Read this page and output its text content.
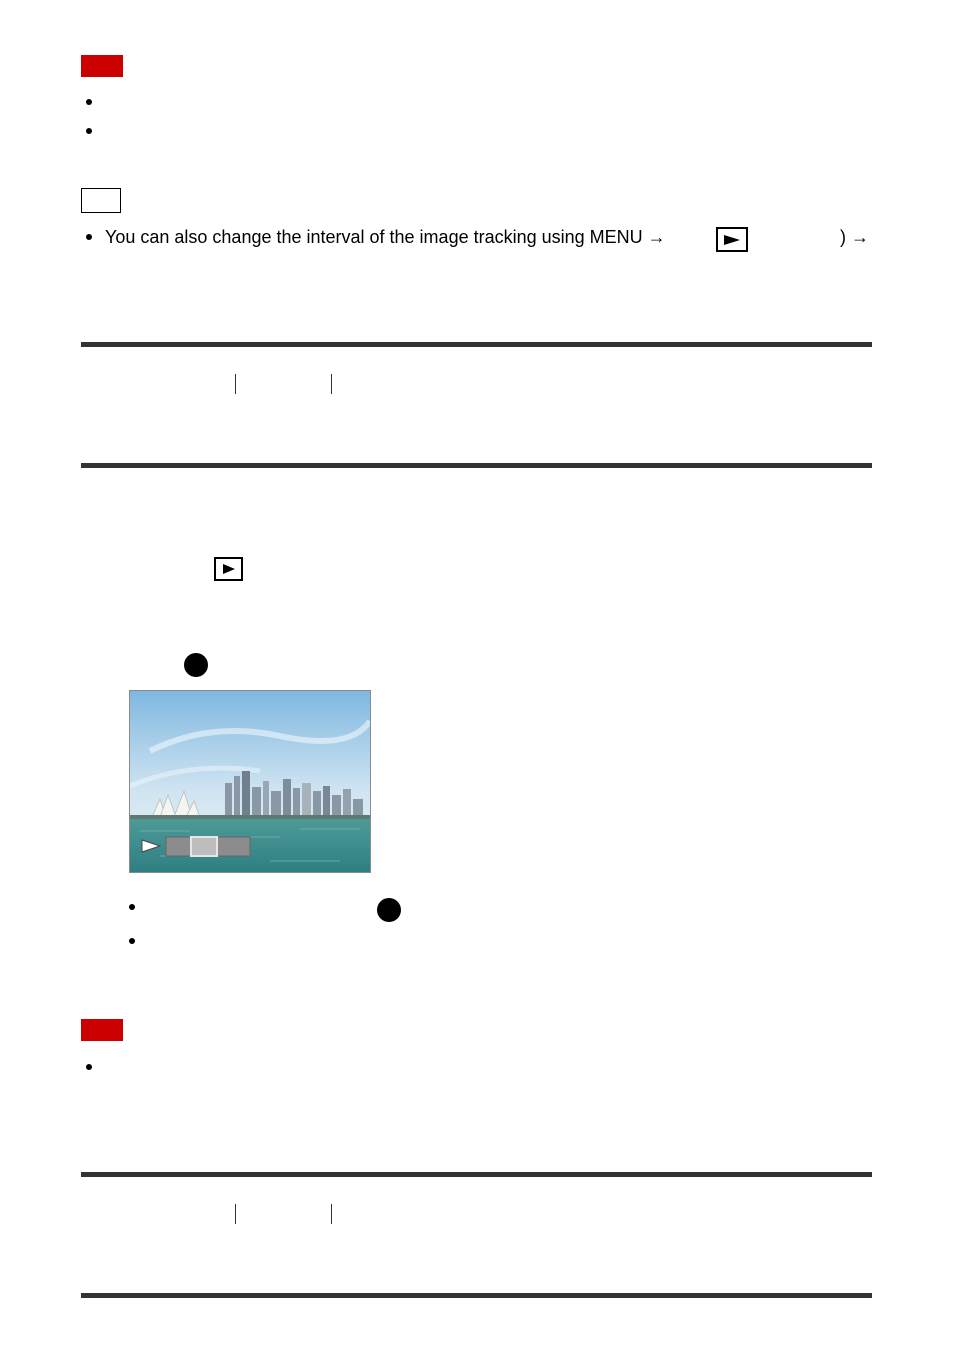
You can also change the interval of the image tracking using MENU →	) →
